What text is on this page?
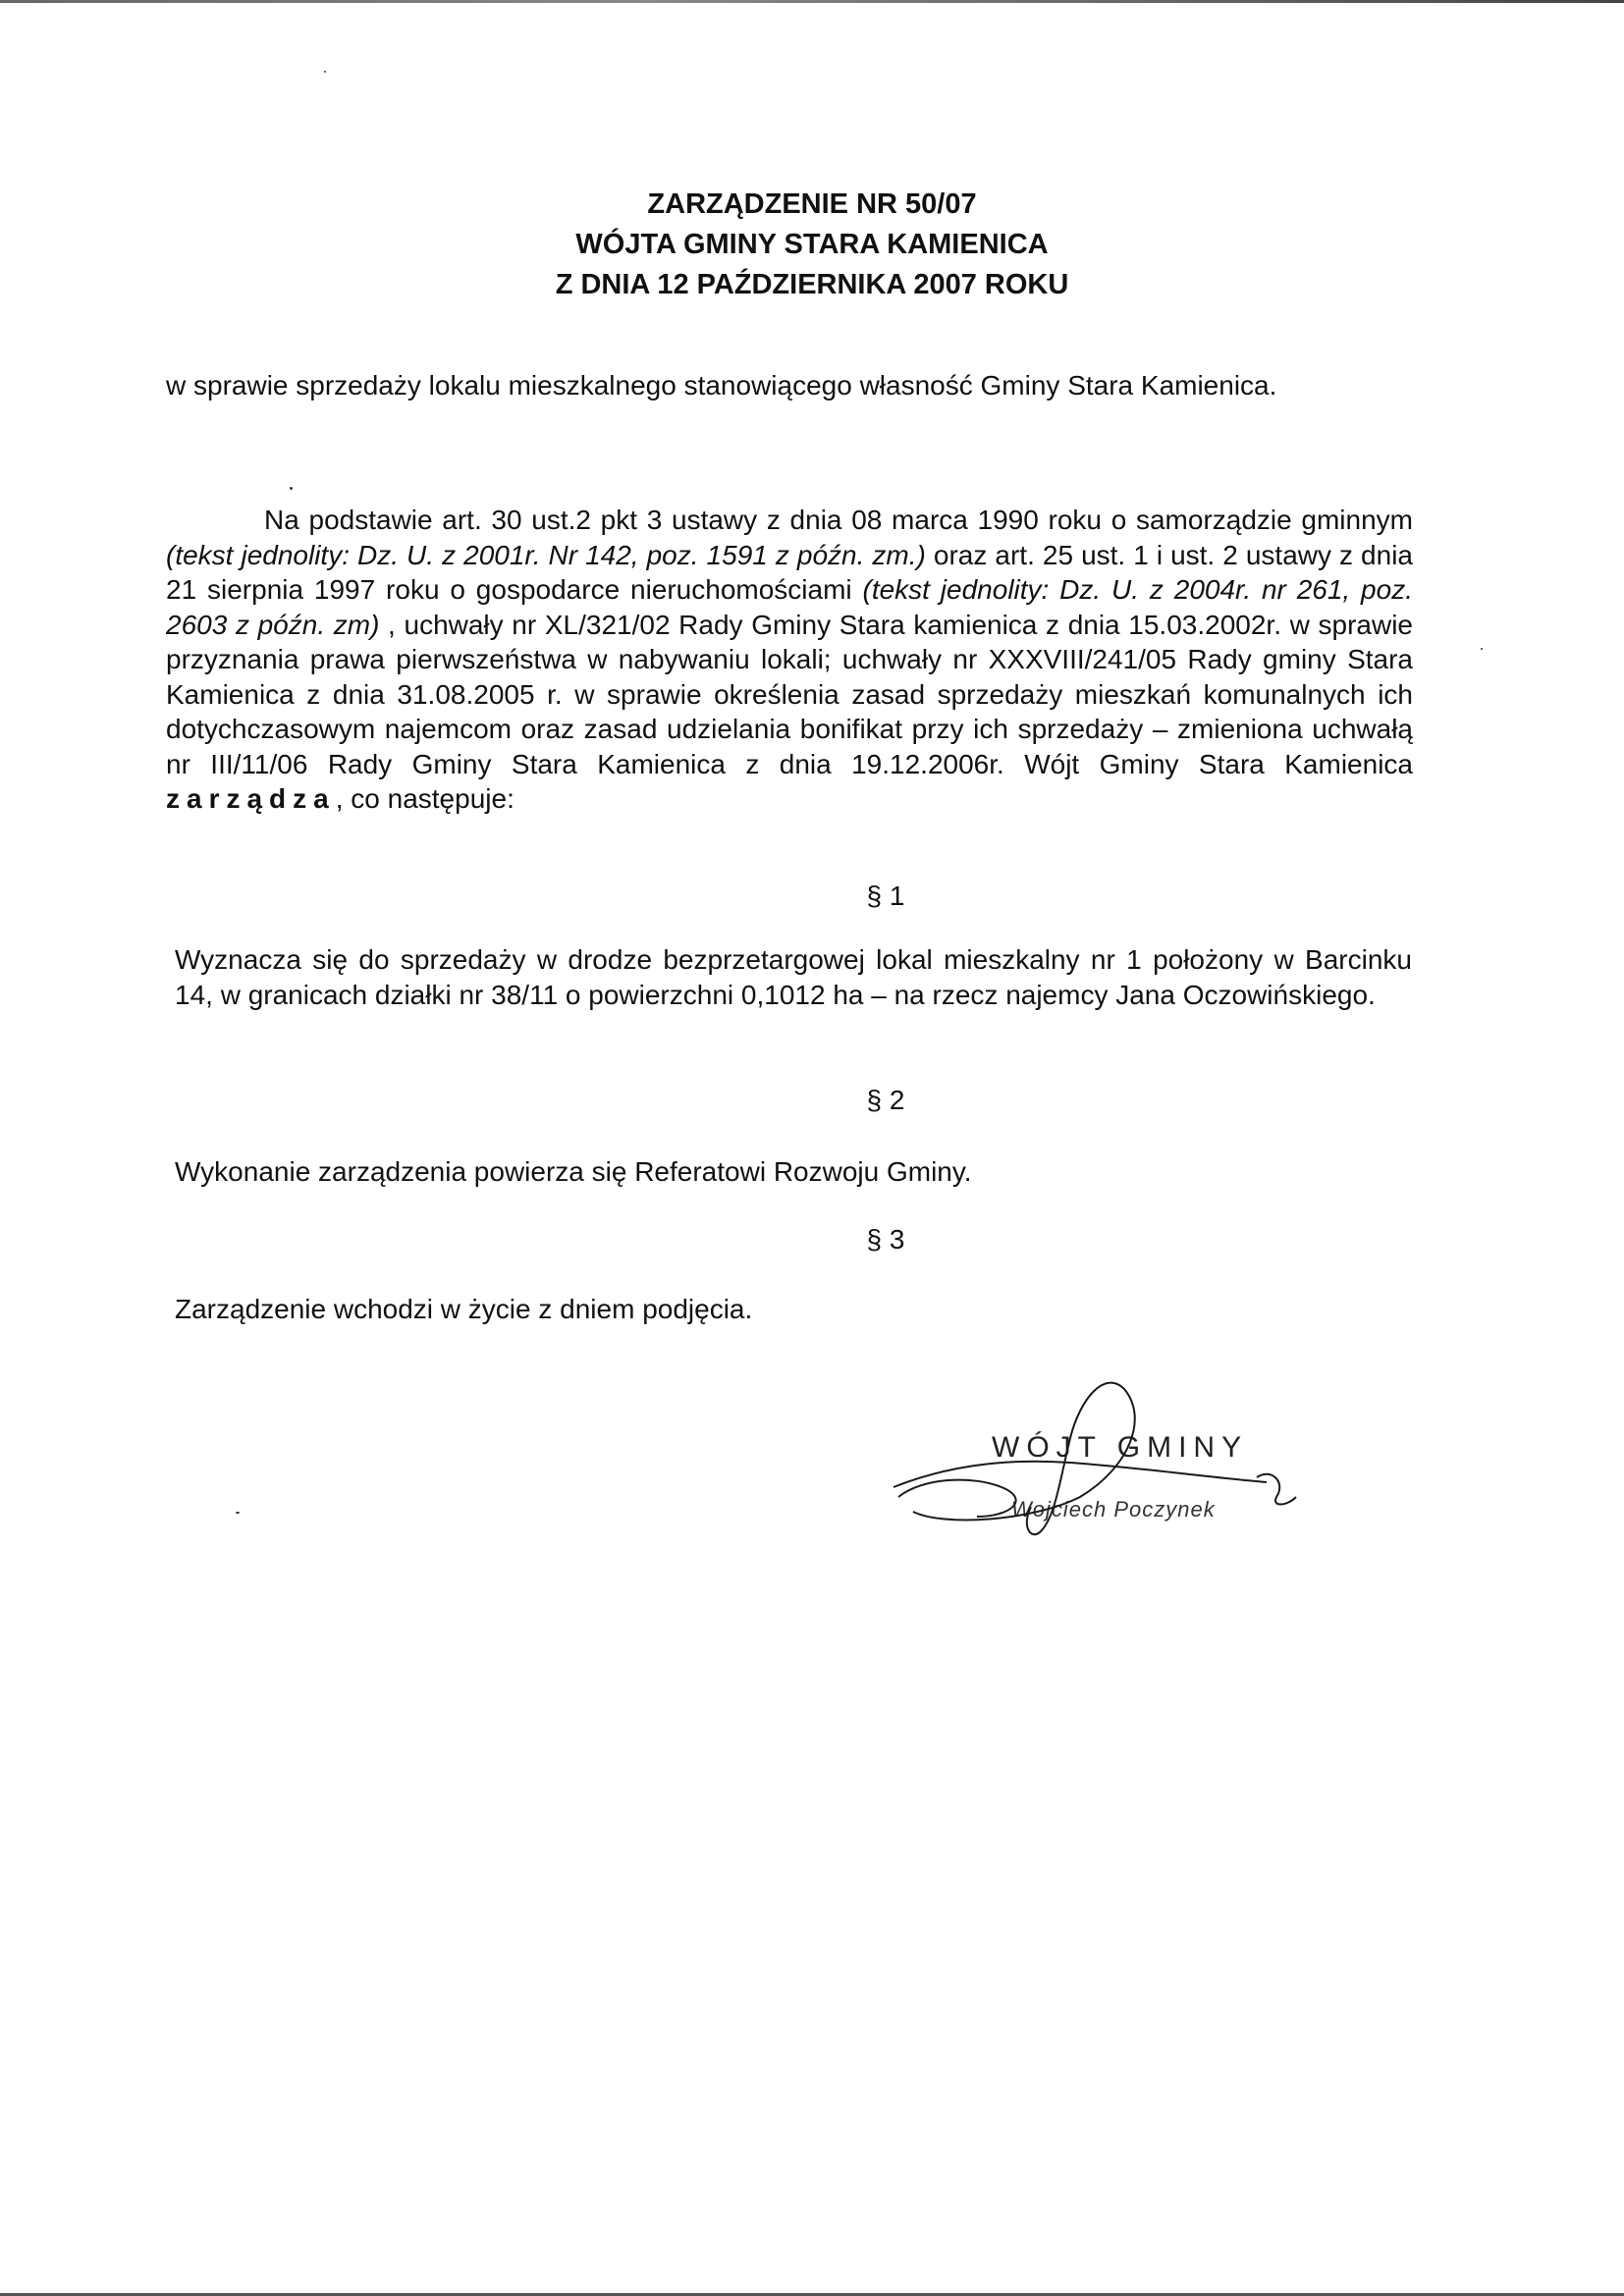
ZARZĄDZENIE NR 50/07
WÓJTA GMINY STARA KAMIENICA
Z DNIA 12 PAŹDZIERNIKA 2007 ROKU
w sprawie sprzedaży lokalu mieszkalnego stanowiącego własność Gminy Stara Kamienica.
Na podstawie art. 30 ust.2 pkt 3 ustawy z dnia 08 marca 1990 roku o samorządzie gminnym (tekst jednolity: Dz. U. z 2001r. Nr 142, poz. 1591 z późn. zm.) oraz art. 25 ust. 1 i ust. 2 ustawy z dnia 21 sierpnia 1997 roku o gospodarce nieruchomościami (tekst jednolity: Dz. U. z 2004r. nr 261, poz. 2603 z późn. zm) , uchwały nr XL/321/02 Rady Gminy Stara kamienica z dnia 15.03.2002r. w sprawie przyznania prawa pierwszeństwa w nabywaniu lokali; uchwały nr XXXVIII/241/05 Rady gminy Stara Kamienica z dnia 31.08.2005 r. w sprawie określenia zasad sprzedaży mieszkań komunalnych ich dotychczasowym najemcom oraz zasad udzielania bonifikat przy ich sprzedaży – zmieniona uchwałą nr III/11/06 Rady Gminy Stara Kamienica z dnia 19.12.2006r. Wójt Gminy Stara Kamienica zarządza, co następuje:
§ 1
Wyznacza się do sprzedaży w drodze bezprzetargowej lokal mieszkalny nr 1 położony w Barcinku 14, w granicach działki nr 38/11 o powierzchni 0,1012 ha – na rzecz najemcy Jana Oczowińskiego.
§ 2
Wykonanie zarządzenia powierza się Referatowi Rozwoju Gminy.
§ 3
Zarządzenie wchodzi w życie z dniem podjęcia.
WÓJT GMINY
Wojciech Poczynek
